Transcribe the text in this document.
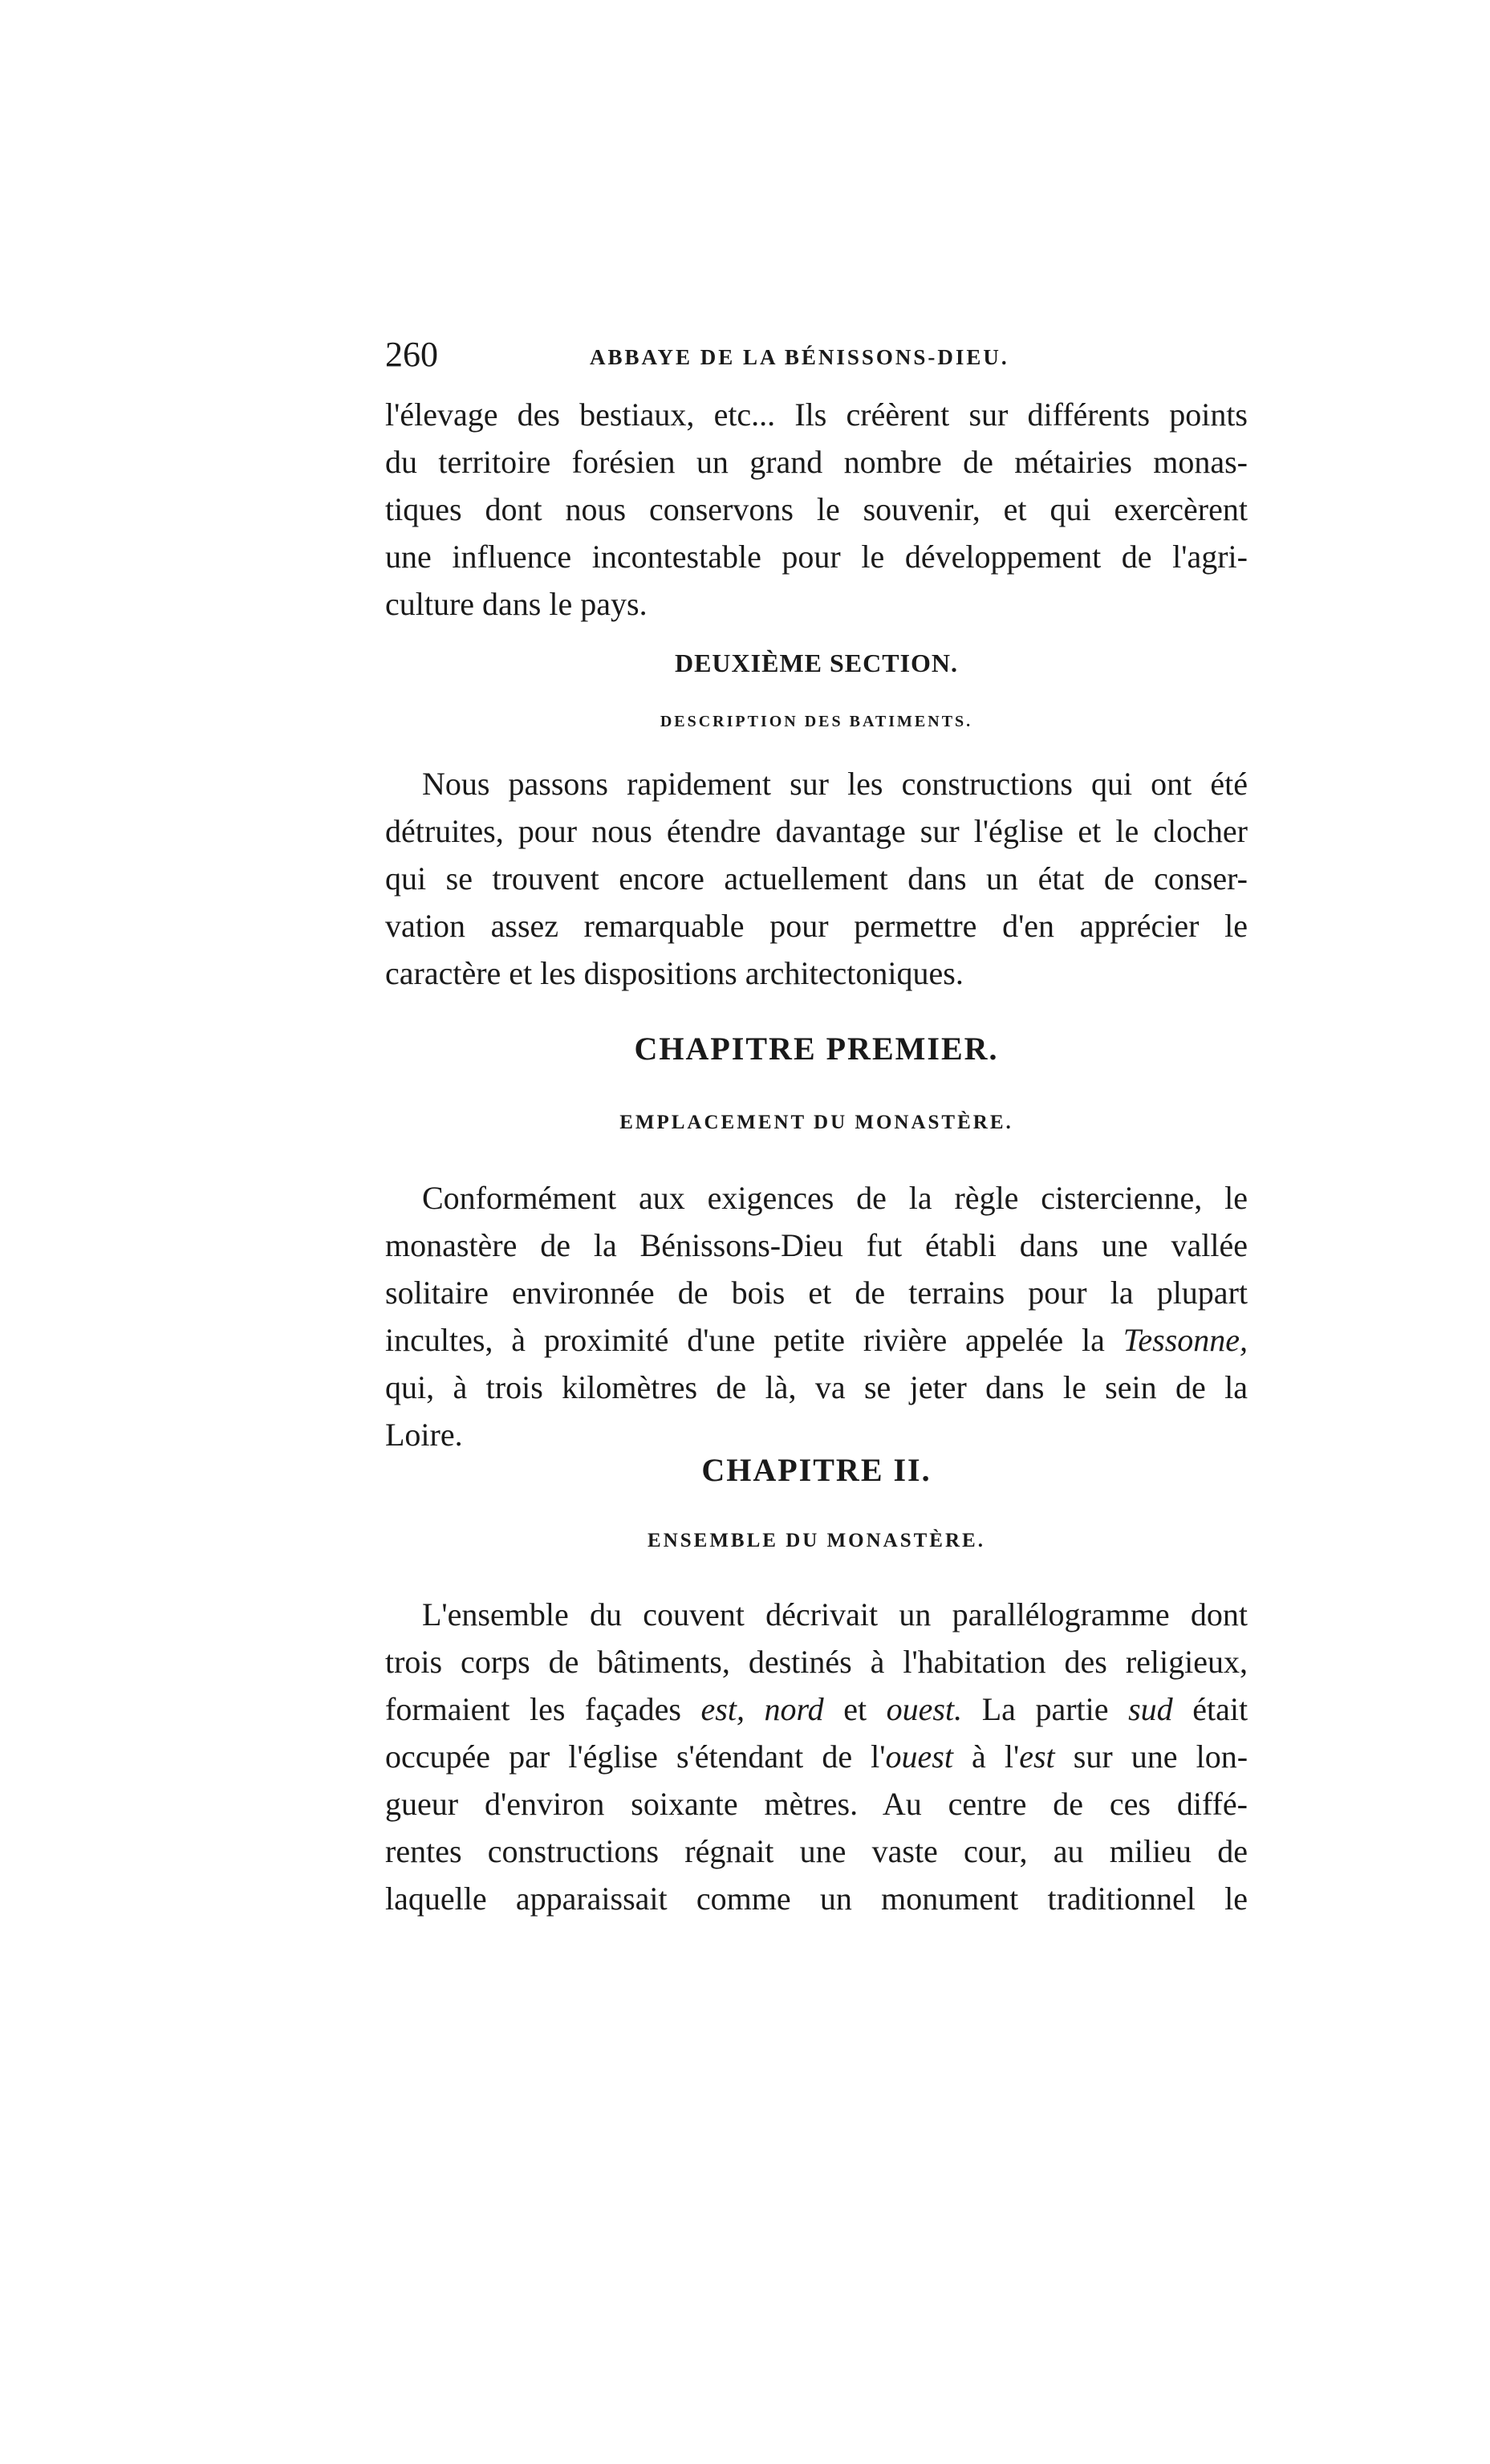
260	ABBAYE DE LA BÉNISSONS-DIEU.

l'élevage des bestiaux, etc... Ils créèrent sur différents points
du territoire forésien un grand nombre de métairies monas-
tiques dont nous conservons le souvenir, et qui exercèrent
une influence incontestable pour le développement de l'agri-
culture dans le pays.

DEUXIÈME SECTION.
DESCRIPTION DES BATIMENTS.

Nous passons rapidement sur les constructions qui ont été
détruites, pour nous étendre davantage sur l'église et le clocher
qui se trouvent encore actuellement dans un état de conser-
vation assez remarquable pour permettre d'en apprécier le
caractère et les dispositions architectoniques.

CHAPITRE PREMIER.
EMPLACEMENT DU MONASTÈRE.

Conformément aux exigences de la règle cistercienne, le
monastère de la Bénissons-Dieu fut établi dans une vallée
solitaire environnée de bois et de terrains pour la plupart
incultes, à proximité d'une petite rivière appelée la Tessonne,
qui, à trois kilomètres de là, va se jeter dans le sein de la
Loire.

CHAPITRE II.
ENSEMBLE DU MONASTÈRE.

L'ensemble du couvent décrivait un parallélogramme dont
trois corps de bâtiments, destinés à l'habitation des religieux,
formaient les façades est, nord et ouest. La partie sud était
occupée par l'église s'étendant de l'ouest à l'est sur une lon-
gueur d'environ soixante mètres. Au centre de ces diffé-
rentes constructions régnait une vaste cour, au milieu de
laquelle apparaissait comme un monument traditionnel le
